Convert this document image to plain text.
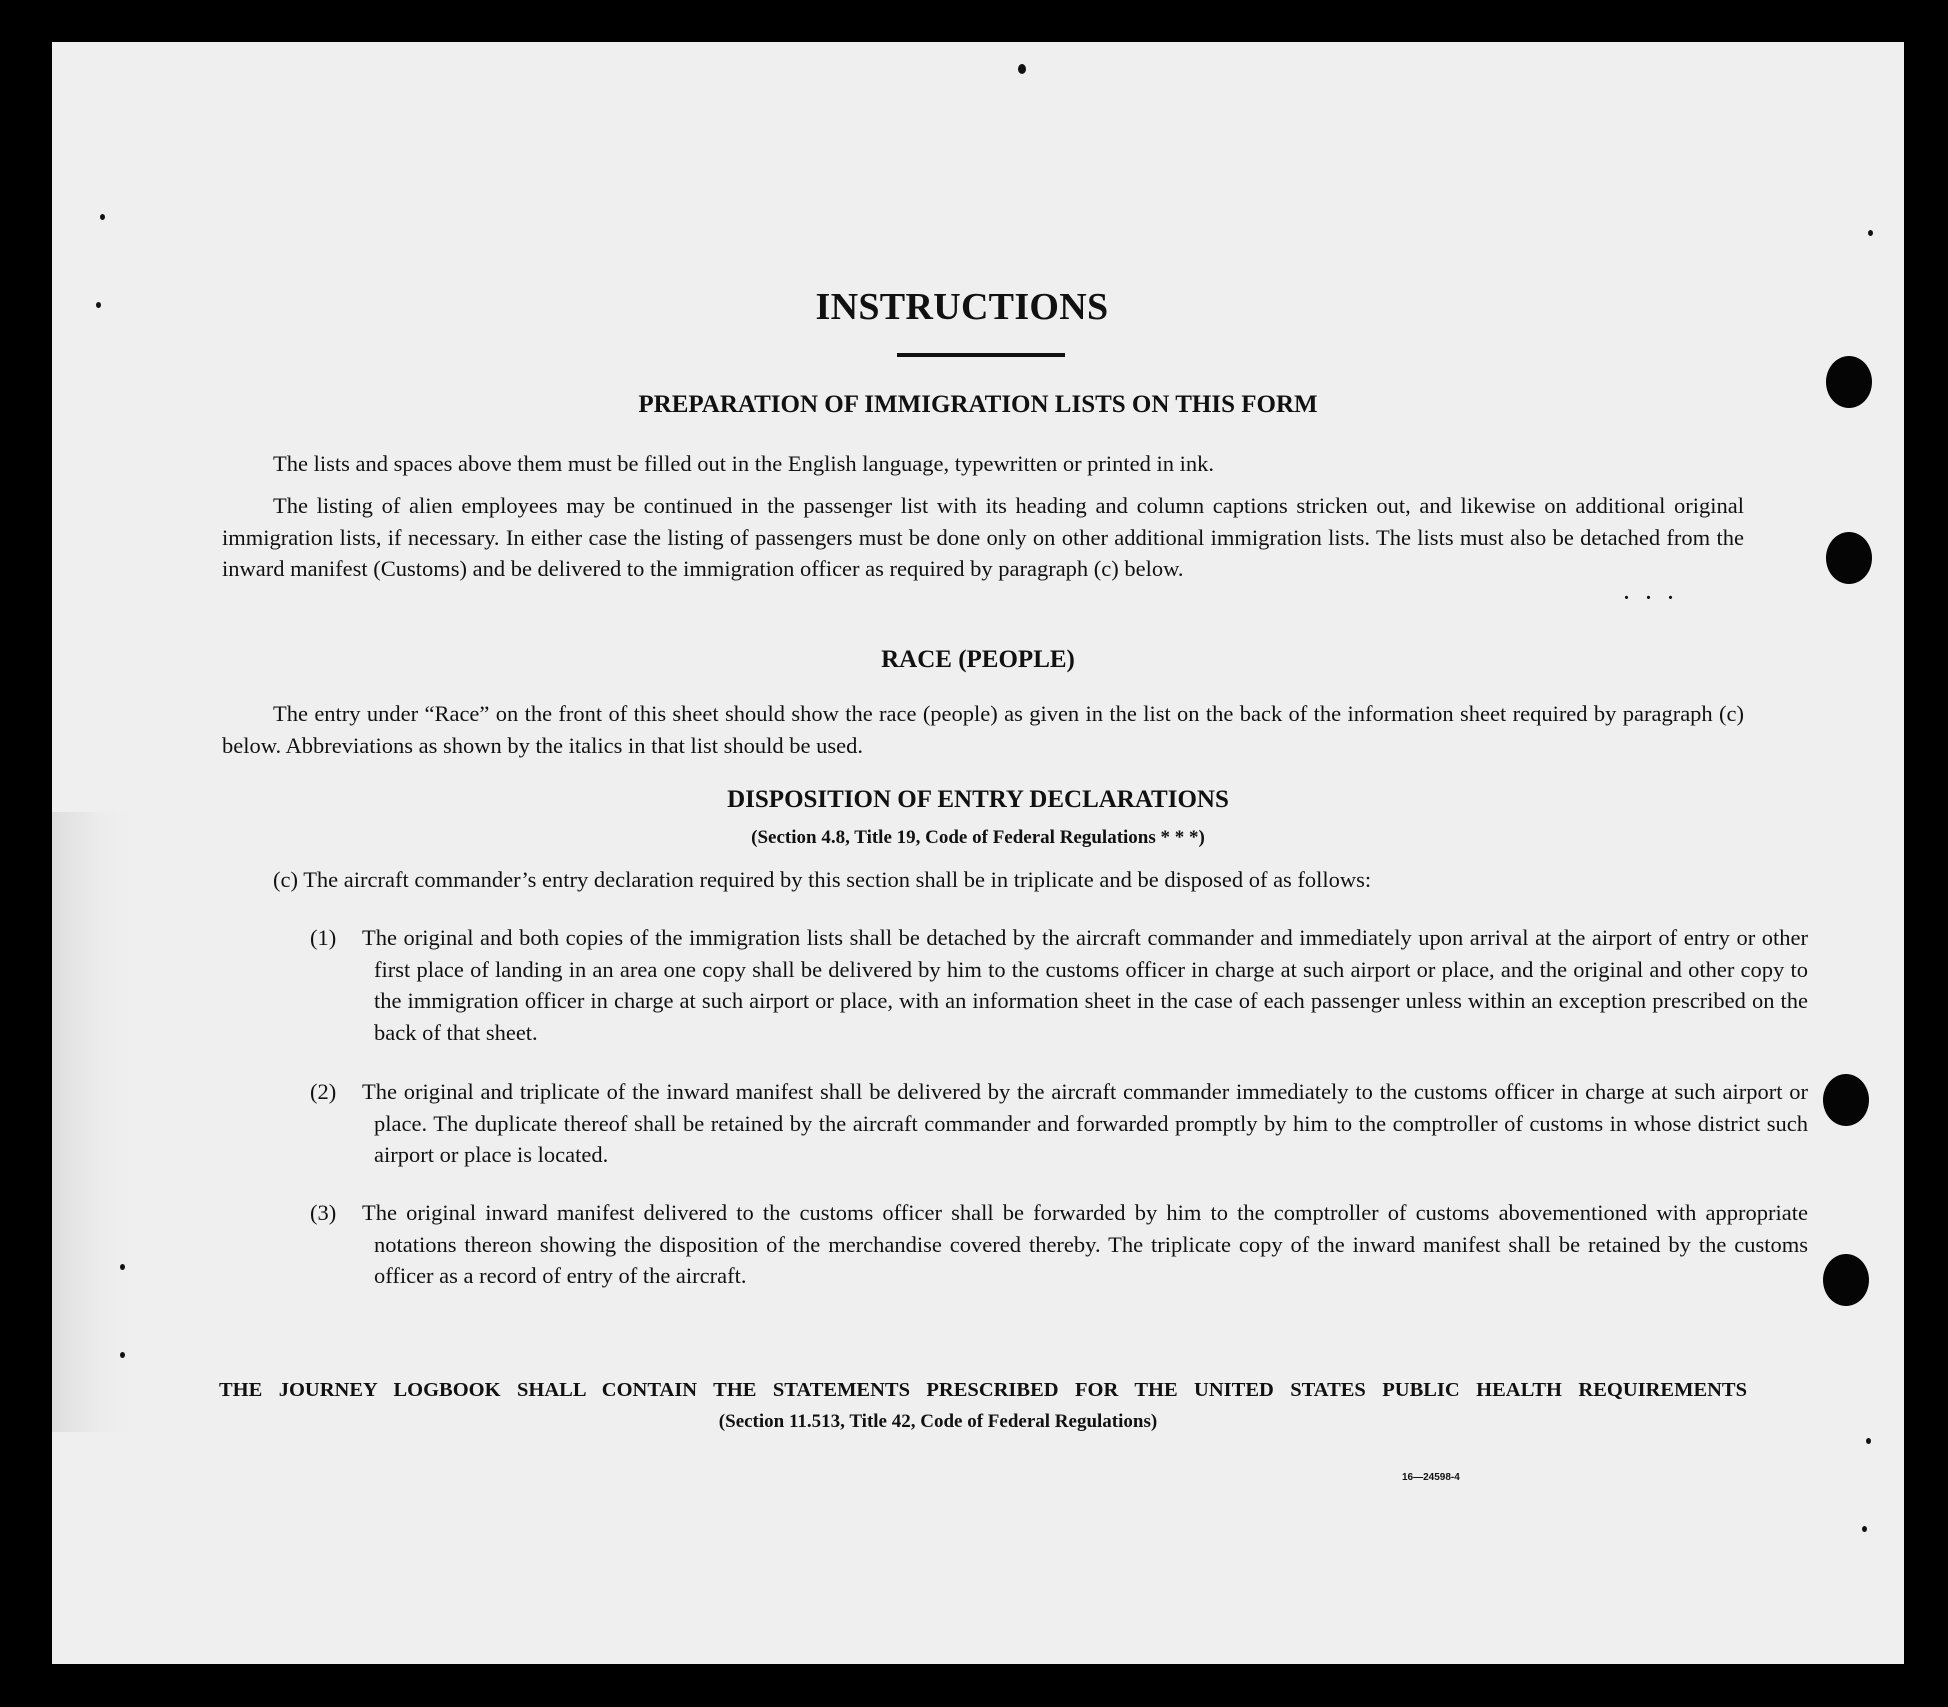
INSTRUCTIONS
PREPARATION OF IMMIGRATION LISTS ON THIS FORM

The lists and spaces above them must be filled out in the English language, typewritten or printed in ink.

The listing of alien employees may be continued in the passenger list with its heading and column captions stricken out, and likewise on additional original immigration lists, if necessary. In either case the listing of passengers must be done only on other additional immigration lists. The lists must also be detached from the inward manifest (Customs) and be delivered to the immigration officer as required by paragraph (c) below.

. . .
RACE (PEOPLE)

The entry under “Race” on the front of this sheet should show the race (people) as given in the list on the back of the information sheet required by paragraph (c) below. Abbreviations as shown by the italics in that list should be used.

DISPOSITION OF ENTRY DECLARATIONS

(Section 4.8, Title 19, Code of Federal Regulations * * *)

(c) The aircraft commander’s entry declaration required by this section shall be in triplicate and be disposed of as follows:

(1) The original and both copies of the immigration lists shall be detached by the aircraft commander and immediately upon arrival at the airport of entry or other first place of landing in an area one copy shall be delivered by him to the customs officer in charge at such airport or place, and the original and other copy to the immigration officer in charge at such airport or place, with an information sheet in the case of each passenger unless within an exception prescribed on the back of that sheet.

(2) The original and triplicate of the inward manifest shall be delivered by the aircraft commander immediately to the customs officer in charge at such airport or place. The duplicate thereof shall be retained by the aircraft commander and forwarded promptly by him to the comptroller of customs in whose district such airport or place is located.

(3) The original inward manifest delivered to the customs officer shall be forwarded by him to the comptroller of customs abovementioned with appropriate notations thereon showing the disposition of the merchandise covered thereby. The triplicate copy of the inward manifest shall be retained by the customs officer as a record of entry of the aircraft.

THE JOURNEY LOGBOOK SHALL CONTAIN THE STATEMENTS PRESCRIBED FOR THE UNITED STATES PUBLIC HEALTH REQUIREMENTS

(Section 11.513, Title 42, Code of Federal Regulations)

16—24598-4
